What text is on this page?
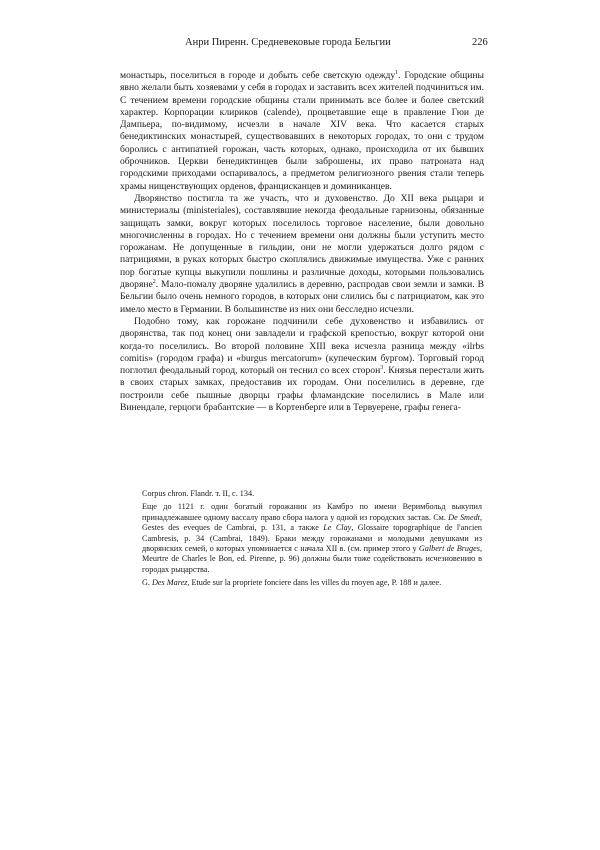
Анри Пиренн. Средневековые города Бельгии	226

монастырь, поселиться в городе и добыть себе светскую одежду$^1$. Городские общины явно желали быть хозяевами у себя в городах и заставить всех жителей подчиниться им. С течением времени городские общины стали принимать все более и более светский характер. Корпорации клириков (calende), процветавшие еще в правление Гюи де Дампьера, по-видимому, исчезли в начале XIV века. Что касается старых бенедиктинских монастырей, существовавших в некоторых городах, то они с трудом боролись с антипатией горожан, часть которых, однако, происходила от их бывших оброчников. Церкви бенедиктинцев были заброшены, их право патроната над городскими приходами оспаривалось, а предметом религиозного рвения стали теперь храмы нищенствующих орденов, францисканцев и доминиканцев.

Дворянство постигла та же участь, что и духовенство. До XII века рыцари и министериалы (ministeriales), составлявшие некогда феодальные гарнизоны, обязанные защищать замки, вокруг которых поселилось торговое население, были довольно многочисленны в городах. Но с течением времени они должны были уступить место горожанам. Не допущенные в гильдии, они не могли удержаться долго рядом с патрициями, в руках которых быстро скоплялись движимые имущества. Уже с ранних пор богатые купцы выкупили пошлины и различные доходы, которыми пользовались дворяне$^2$. Мало-помалу дворяне удалились в деревню, распродав свои земли и замки. В Бельгии было очень немного городов, в которых они слились бы с патрициатом, как это имело место в Германии. В большинстве из них они бесследно исчезли.

Подобно тому, как горожане подчинили себе духовенство и избавились от дворянства, так под конец они завладели и графской крепостью, вокруг которой они когда-то поселились. Во второй половине XIII века исчезла разница между «ilrbs comitis» (городом графа) и «burgus mercatorum» (купеческим бургом). Торговый город поглотил феодальный город, который он теснил со всех сторон$^3$. Князья перестали жить в своих старых замках, предоставив их городам. Они поселились в деревне, где построили себе пышные дворцы графы фламандские поселились в Мале или Винендале, герцоги брабантские — в Кортенберге или в Тервуерене, графы генега-

Corpus chron. Flandr. т. II, с. 134.

Еще до 1121 г. один богатый горожанин из Камбрэ по имени Веримбольд выкупил принадлежавшее одному вассалу право сбора налога у одной из городских застав. См. De Smedt, Gestes des eveques de Cambrai, p. 131, а также Le Clay, Glossaire topographique de l'ancien Cambresis, p. 34 (Cambrai, 1849). Браки между горожанами и молодыми девушками из дворянских семей, о которых упоминается с начала XII в. (см. пример этого у Galbert de Bruges, Meurtre de Charles le Bon, ed. Pirenne, p. 96) должны были тоже содействовать исчезновению в городах рыцарства.

G. Des Marez, Etude sur la propriete fonciere dans les villes du rnoyen age, Р. 188 и далее.
